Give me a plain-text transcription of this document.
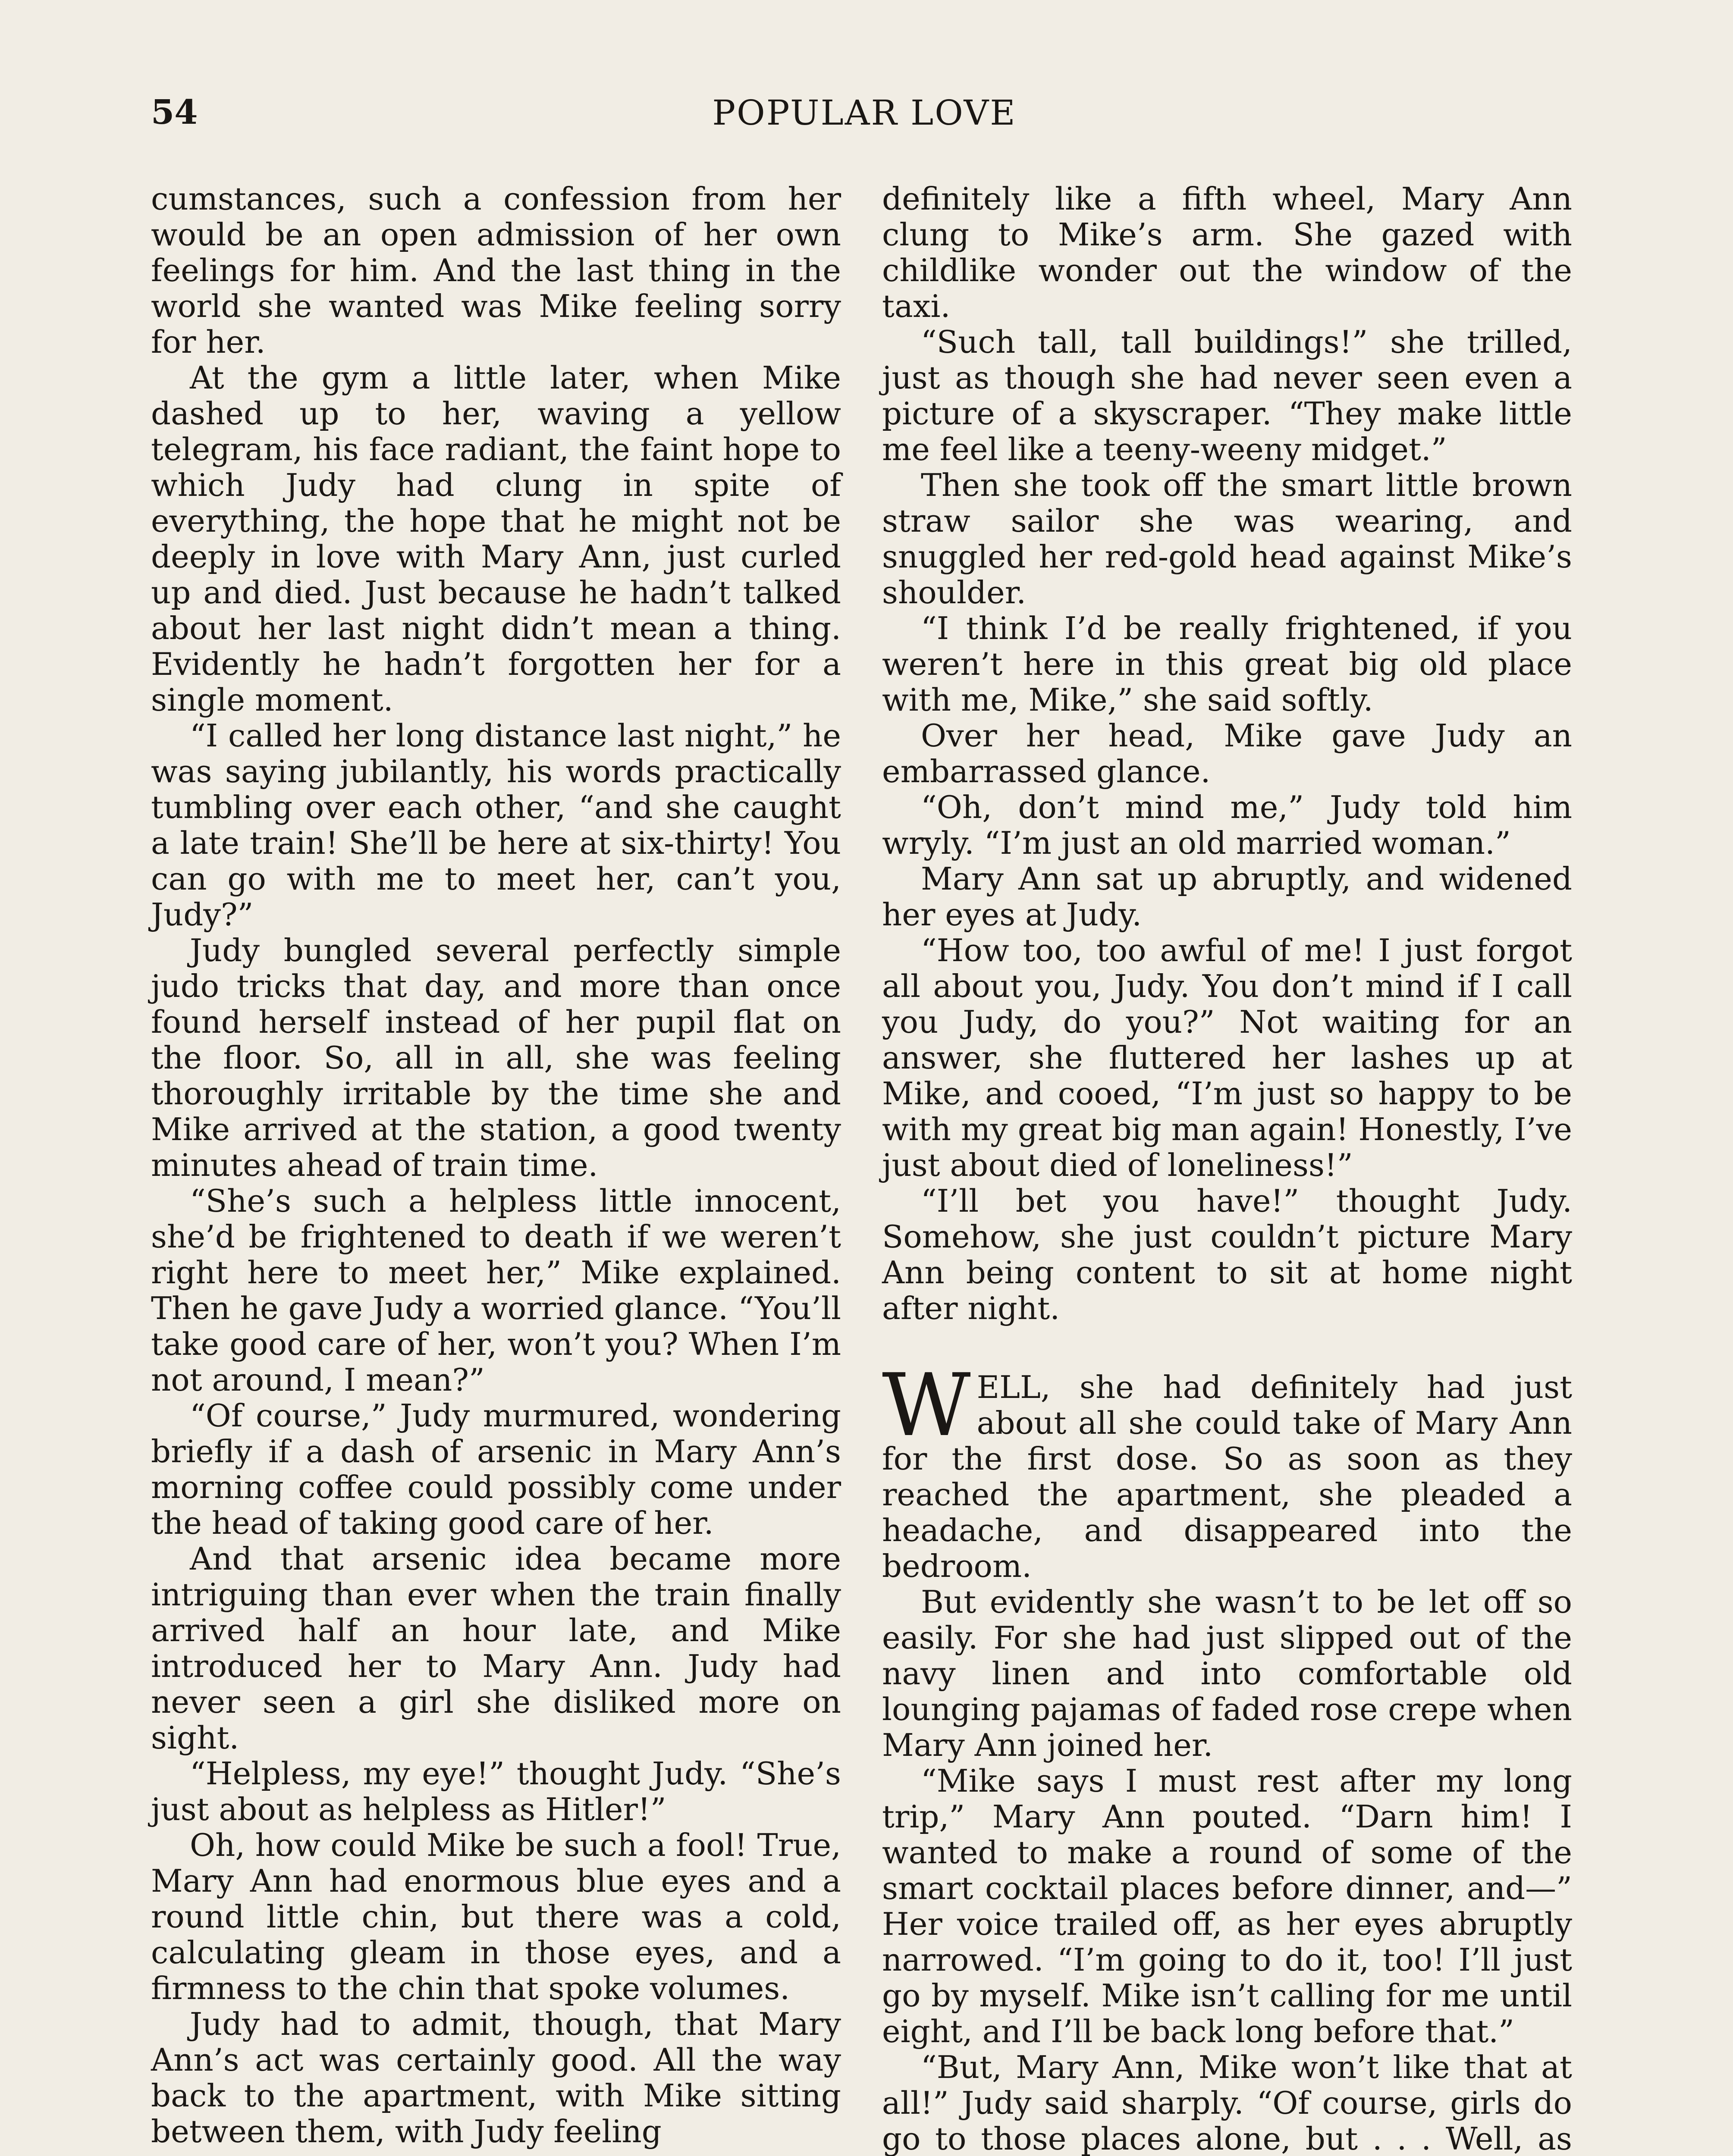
54	POPULAR LOVE

cumstances, such a confession from her would be an open admission of her own feelings for him. And the last thing in the world she wanted was Mike feeling sorry for her.

At the gym a little later, when Mike dashed up to her, waving a yellow telegram, his face radiant, the faint hope to which Judy had clung in spite of everything, the hope that he might not be deeply in love with Mary Ann, just curled up and died. Just because he hadn’t talked about her last night didn’t mean a thing. Evidently he hadn’t forgotten her for a single moment.

“I called her long distance last night,” he was saying jubilantly, his words practically tumbling over each other, “and she caught a late train! She’ll be here at six-thirty! You can go with me to meet her, can’t you, Judy?”

Judy bungled several perfectly simple judo tricks that day, and more than once found herself instead of her pupil flat on the floor. So, all in all, she was feeling thoroughly irritable by the time she and Mike arrived at the station, a good twenty minutes ahead of train time.

“She’s such a helpless little innocent, she’d be frightened to death if we weren’t right here to meet her,” Mike explained. Then he gave Judy a worried glance. “You’ll take good care of her, won’t you? When I’m not around, I mean?”

“Of course,” Judy murmured, wondering briefly if a dash of arsenic in Mary Ann’s morning coffee could possibly come under the head of taking good care of her.

And that arsenic idea became more intriguing than ever when the train finally arrived half an hour late, and Mike introduced her to Mary Ann. Judy had never seen a girl she disliked more on sight.

“Helpless, my eye!” thought Judy. “She’s just about as helpless as Hitler!”

Oh, how could Mike be such a fool! True, Mary Ann had enormous blue eyes and a round little chin, but there was a cold, calculating gleam in those eyes, and a firmness to the chin that spoke volumes.

Judy had to admit, though, that Mary Ann’s act was certainly good. All the way back to the apartment, with Mike sitting between them, with Judy feeling

definitely like a fifth wheel, Mary Ann clung to Mike’s arm. She gazed with childlike wonder out the window of the taxi.

“Such tall, tall buildings!” she trilled, just as though she had never seen even a picture of a skyscraper. “They make little me feel like a teeny-weeny midget.”

Then she took off the smart little brown straw sailor she was wearing, and snuggled her red-gold head against Mike’s shoulder.

“I think I’d be really frightened, if you weren’t here in this great big old place with me, Mike,” she said softly.

Over her head, Mike gave Judy an embarrassed glance.

“Oh, don’t mind me,” Judy told him wryly. “I’m just an old married woman.”

Mary Ann sat up abruptly, and widened her eyes at Judy.

“How too, too awful of me! I just forgot all about you, Judy. You don’t mind if I call you Judy, do you?” Not waiting for an answer, she fluttered her lashes up at Mike, and cooed, “I’m just so happy to be with my great big man again! Honestly, I’ve just about died of loneliness!”

“I’ll bet you have!” thought Judy. Somehow, she just couldn’t picture Mary Ann being content to sit at home night after night.

WELL, she had definitely had just about all she could take of Mary Ann for the first dose. So as soon as they reached the apartment, she pleaded a headache, and disappeared into the bedroom.

But evidently she wasn’t to be let off so easily. For she had just slipped out of the navy linen and into comfortable old lounging pajamas of faded rose crepe when Mary Ann joined her.

“Mike says I must rest after my long trip,” Mary Ann pouted. “Darn him! I wanted to make a round of some of the smart cocktail places before dinner, and—” Her voice trailed off, as her eyes abruptly narrowed. “I’m going to do it, too! I’ll just go by myself. Mike isn’t calling for me until eight, and I’ll be back long before that.”

“But, Mary Ann, Mike won’t like that at all!” Judy said sharply. “Of course, girls do go to those places alone, but . . . Well, as
